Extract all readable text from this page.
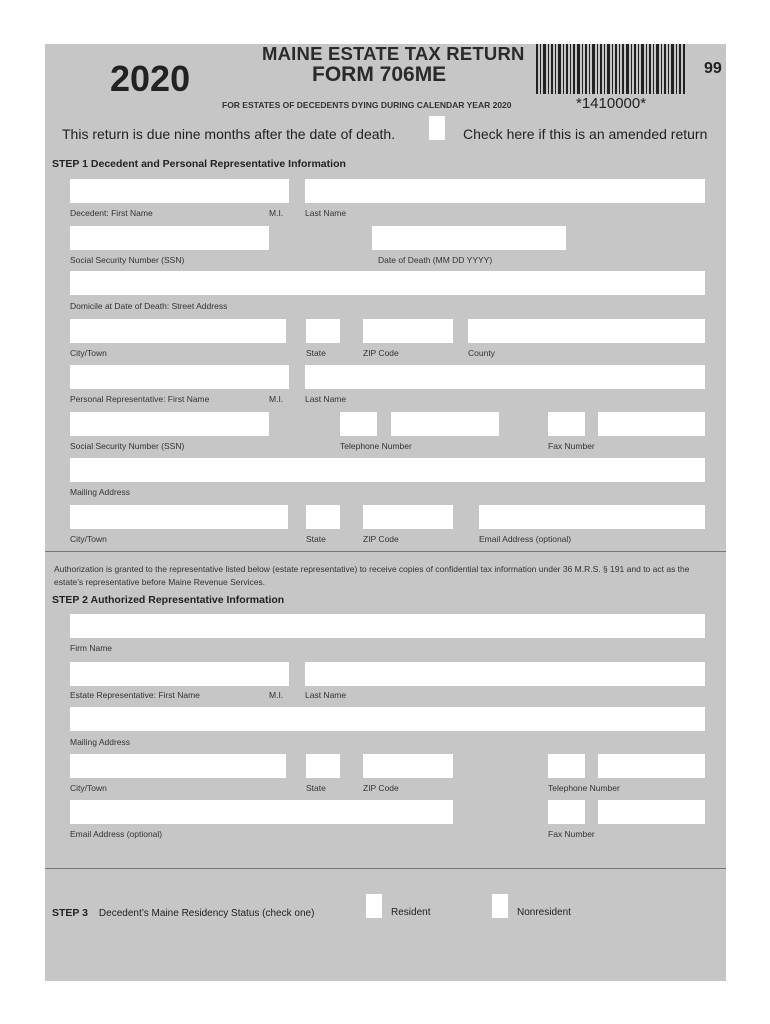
2020
MAINE ESTATE TAX RETURN
FORM 706ME
FOR ESTATES OF DECEDENTS DYING DURING CALENDAR YEAR 2020	*1410000*
99
This return is due nine months after the date of death.	Check here if this is an amended return
STEP 1 Decedent and Personal Representative Information
Decedent: First Name	M.I.	Last Name
Social Security Number (SSN)	Date of Death (MM DD YYYY)
Domicile at Date of Death: Street Address
City/Town	State	ZIP Code	County
Personal Representative: First Name	M.I.	Last Name
Social Security Number (SSN)	Telephone Number	Fax Number
Mailing Address
City/Town	State	ZIP Code	Email Address (optional)
Authorization is granted to the representative listed below (estate representative) to receive copies of confidential tax information under 36 M.R.S. § 191 and to act as the estate’s representative before Maine Revenue Services.
STEP 2 Authorized Representative Information
Firm Name
Estate Representative: First Name	M.I.	Last Name
Mailing Address
City/Town	State	ZIP Code	Telephone Number
Email Address (optional)	Fax Number
STEP 3 Decedent’s Maine Residency Status (check one)	Resident	Nonresident
